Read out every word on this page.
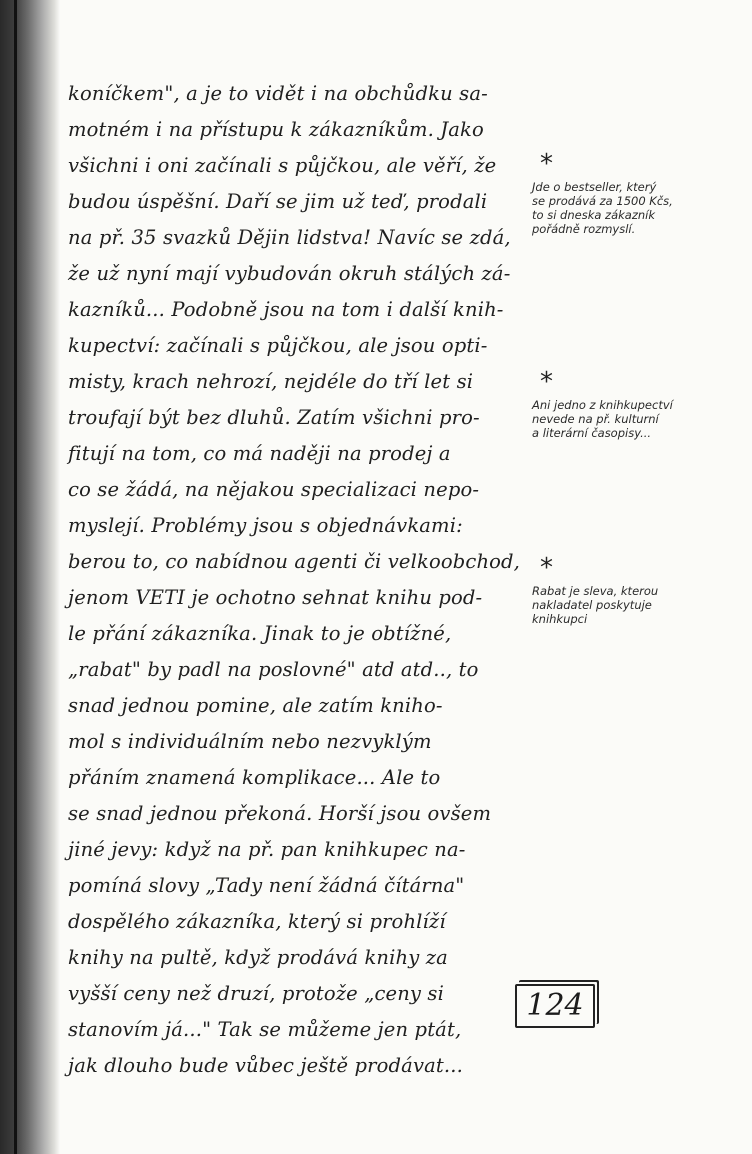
koníčkem", a je to vidět i na obchůdku sa-
motném i na přístupu k zákazníkům. Jako
všichni i oni začínali s půjčkou, ale věří, že
budou úspěšní. Daří se jim už teď, prodali
na př. 35 svazků Dějin lidstva! Navíc se zdá,
že už nyní mají vybudován okruh stálých zá-
kazníků... Podobně jsou na tom i další knih-
kupectví: začínali s půjčkou, ale jsou opti-
misty, krach nehrozí, nejdéle do tří let si
troufají být bez dluhů. Zatím všichni pro-
fitují na tom, co má naději na prodej a
co se žádá, na nějakou specializaci nepo-
myslejí. Problémy jsou s objednávkami:
berou to, co nabídnou agenti či velkoobchod,
jenom VETI je ochotno sehnat knihu pod-
le přání zákazníka. Jinak to je obtížné,
„rabat" by padl na poslovné" atd atd.., to
snad jednou pomine, ale zatím kniho-
mol s individuálním nebo nezvyklým
přáním znamená komplikace... Ale to
se snad jednou překoná. Horší jsou ovšem
jiné jevy: když na př. pan knihkupec na-
pomíná slovy „Tady není žádná čítárna"
dospělého zákazníka, který si prohlíží
knihy na pultě, když prodává knihy za
vyšší ceny než druzí, protože „ceny si
stanovím já..." Tak se můžeme jen ptát,
jak dlouho bude vůbec ještě prodávat...
*
Jde o bestseller, který
se prodává za 1500 Kčs,
to si dneska zákazník
pořádně rozmyslí.
*
Ani jedno z knihkupectví
nevede na př. kulturní
a literární časopisy...
*
Rabat je sleva, kterou
nakladatel poskytuje
knihkupci
124
